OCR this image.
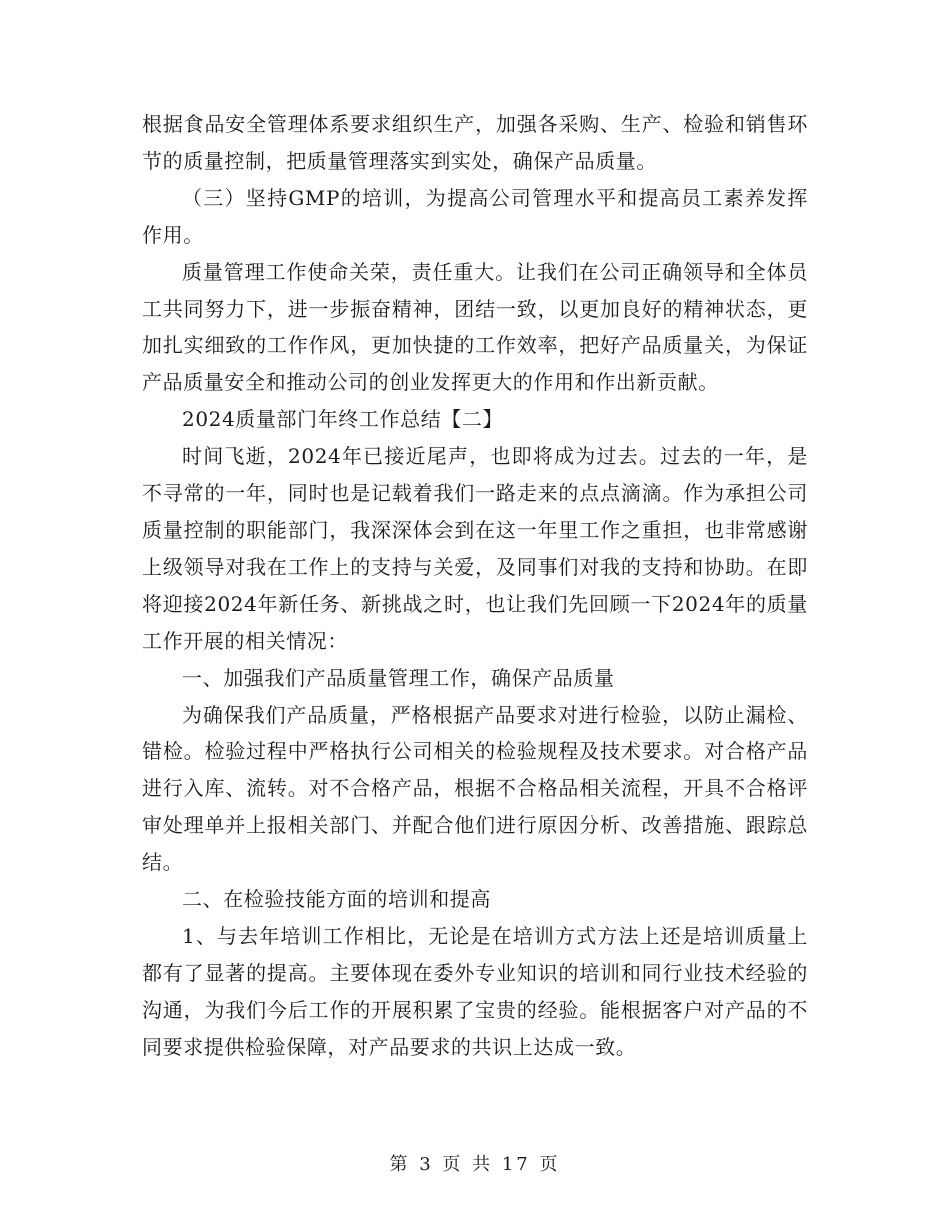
根据食品安全管理体系要求组织生产，加强各采购、生产、检验和销售环节的质量控制，把质量管理落实到实处，确保产品质量。

（三）坚持GMP的培训，为提高公司管理水平和提高员工素养发挥作用。

质量管理工作使命关荣，责任重大。让我们在公司正确领导和全体员工共同努力下，进一步振奋精神，团结一致，以更加良好的精神状态，更加扎实细致的工作作风，更加快捷的工作效率，把好产品质量关，为保证产品质量安全和推动公司的创业发挥更大的作用和作出新贡献。

2024质量部门年终工作总结【二】

时间飞逝，2024年已接近尾声，也即将成为过去。过去的一年，是不寻常的一年，同时也是记载着我们一路走来的点点滴滴。作为承担公司质量控制的职能部门，我深深体会到在这一年里工作之重担，也非常感谢上级领导对我在工作上的支持与关爱，及同事们对我的支持和协助。在即将迎接2024年新任务、新挑战之时，也让我们先回顾一下2024年的质量工作开展的相关情况：

一、加强我们产品质量管理工作，确保产品质量

为确保我们产品质量，严格根据产品要求对进行检验，以防止漏检、错检。检验过程中严格执行公司相关的检验规程及技术要求。对合格产品进行入库、流转。对不合格产品，根据不合格品相关流程，开具不合格评审处理单并上报相关部门、并配合他们进行原因分析、改善措施、跟踪总结。

二、在检验技能方面的培训和提高

1、与去年培训工作相比，无论是在培训方式方法上还是培训质量上都有了显著的提高。主要体现在委外专业知识的培训和同行业技术经验的沟通，为我们今后工作的开展积累了宝贵的经验。能根据客户对产品的不同要求提供检验保障，对产品要求的共识上达成一致。

第 3 页 共 17 页
